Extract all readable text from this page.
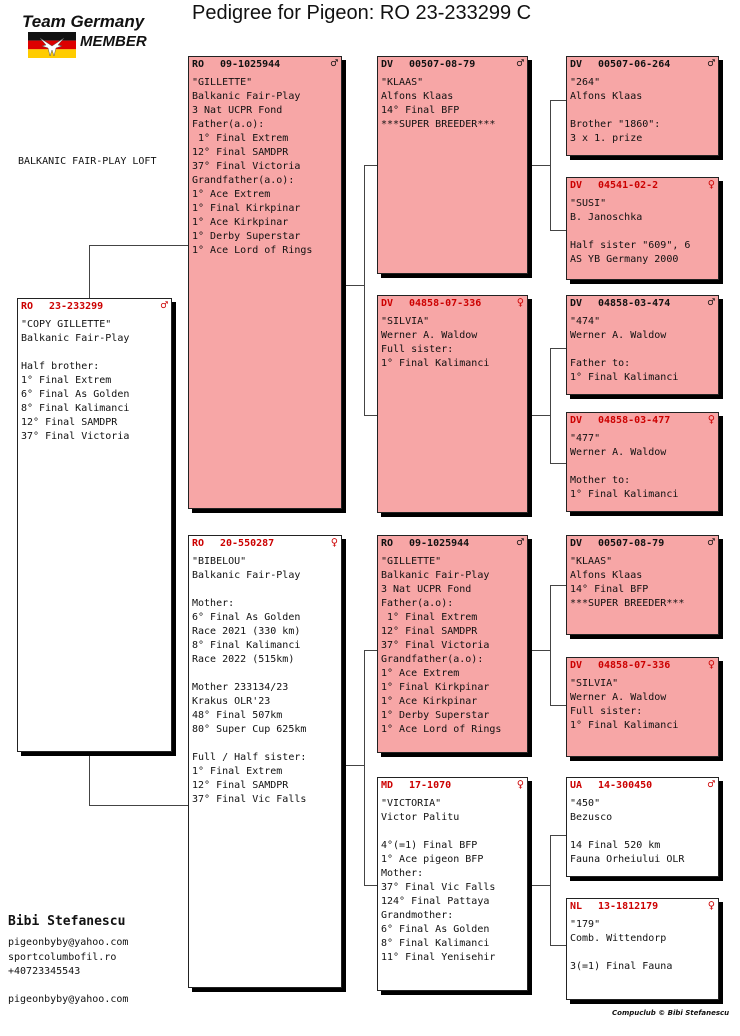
Team Germany
MEMBER
Pedigree for Pigeon: RO 23-233299 C
BALKANIC FAIR-PLAY LOFT
RO 23-233299	♂
"COPY GILLETTE"
Balkanic Fair-Play
Half brother:
1° Final Extrem
6° Final As Golden
8° Final Kalimanci
12° Final SAMDPR
37° Final Victoria
RO 09-1025944	♂
"GILLETTE"
Balkanic Fair-Play
3 Nat UCPR Fond
Father(a.o):
1° Final Extrem
12° Final SAMDPR
37° Final Victoria
Grandfather(a.o):
1° Ace Extrem
1° Final Kirkpinar
1° Ace Kirkpinar
1° Derby Superstar
1° Ace Lord of Rings
RO 20-550287	♀
"BIBELOU"
Balkanic Fair-Play
Mother:
6° Final As Golden
Race 2021 (330 km)
8° Final Kalimanci
Race 2022 (515km)
Mother 233134/23
Krakus OLR'23
48° Final 507km
80° Super Cup 625km
Full / Half sister:
1° Final Extrem
12° Final SAMDPR
37° Final Vic Falls
DV 00507-08-79	♂
"KLAAS"
Alfons Klaas
14° Final BFP
***SUPER BREEDER***
DV 04858-07-336	♀
"SILVIA"
Werner A. Waldow
Full sister:
1° Final Kalimanci
RO 09-1025944	♂
"GILLETTE"
Balkanic Fair-Play
3 Nat UCPR Fond
Father(a.o):
1° Final Extrem
12° Final SAMDPR
37° Final Victoria
Grandfather(a.o):
1° Ace Extrem
1° Final Kirkpinar
1° Ace Kirkpinar
1° Derby Superstar
1° Ace Lord of Rings
MD 17-1070	♀
"VICTORIA"
Victor Palitu
4°(=1) Final BFP
1° Ace pigeon BFP
Mother:
37° Final Vic Falls
124° Final Pattaya
Grandmother:
6° Final As Golden
8° Final Kalimanci
11° Final Yenisehir
DV 00507-06-264	♂
"264"
Alfons Klaas
Brother "1860":
3 x 1. prize
DV 04541-02-2	♀
"SUSI"
B. Janoschka
Half sister "609", 6
AS YB Germany 2000
DV 04858-03-474	♂
"474"
Werner A. Waldow
Father to:
1° Final Kalimanci
DV 04858-03-477	♀
"477"
Werner A. Waldow
Mother to:
1° Final Kalimanci
DV 00507-08-79	♂
"KLAAS"
Alfons Klaas
14° Final BFP
***SUPER BREEDER***
DV 04858-07-336	♀
"SILVIA"
Werner A. Waldow
Full sister:
1° Final Kalimanci
UA 14-300450	♂
"450"
Bezusco
14 Final 520 km
Fauna Orheiului OLR
NL 13-1812179	♀
"179"
Comb. Wittendorp
3(=1) Final Fauna
Bibi Stefanescu
pigeonbyby@yahoo.com
sportcolumbofil.ro
+40723345543
pigeonbyby@yahoo.com
Compuclub © Bibi Stefanescu
